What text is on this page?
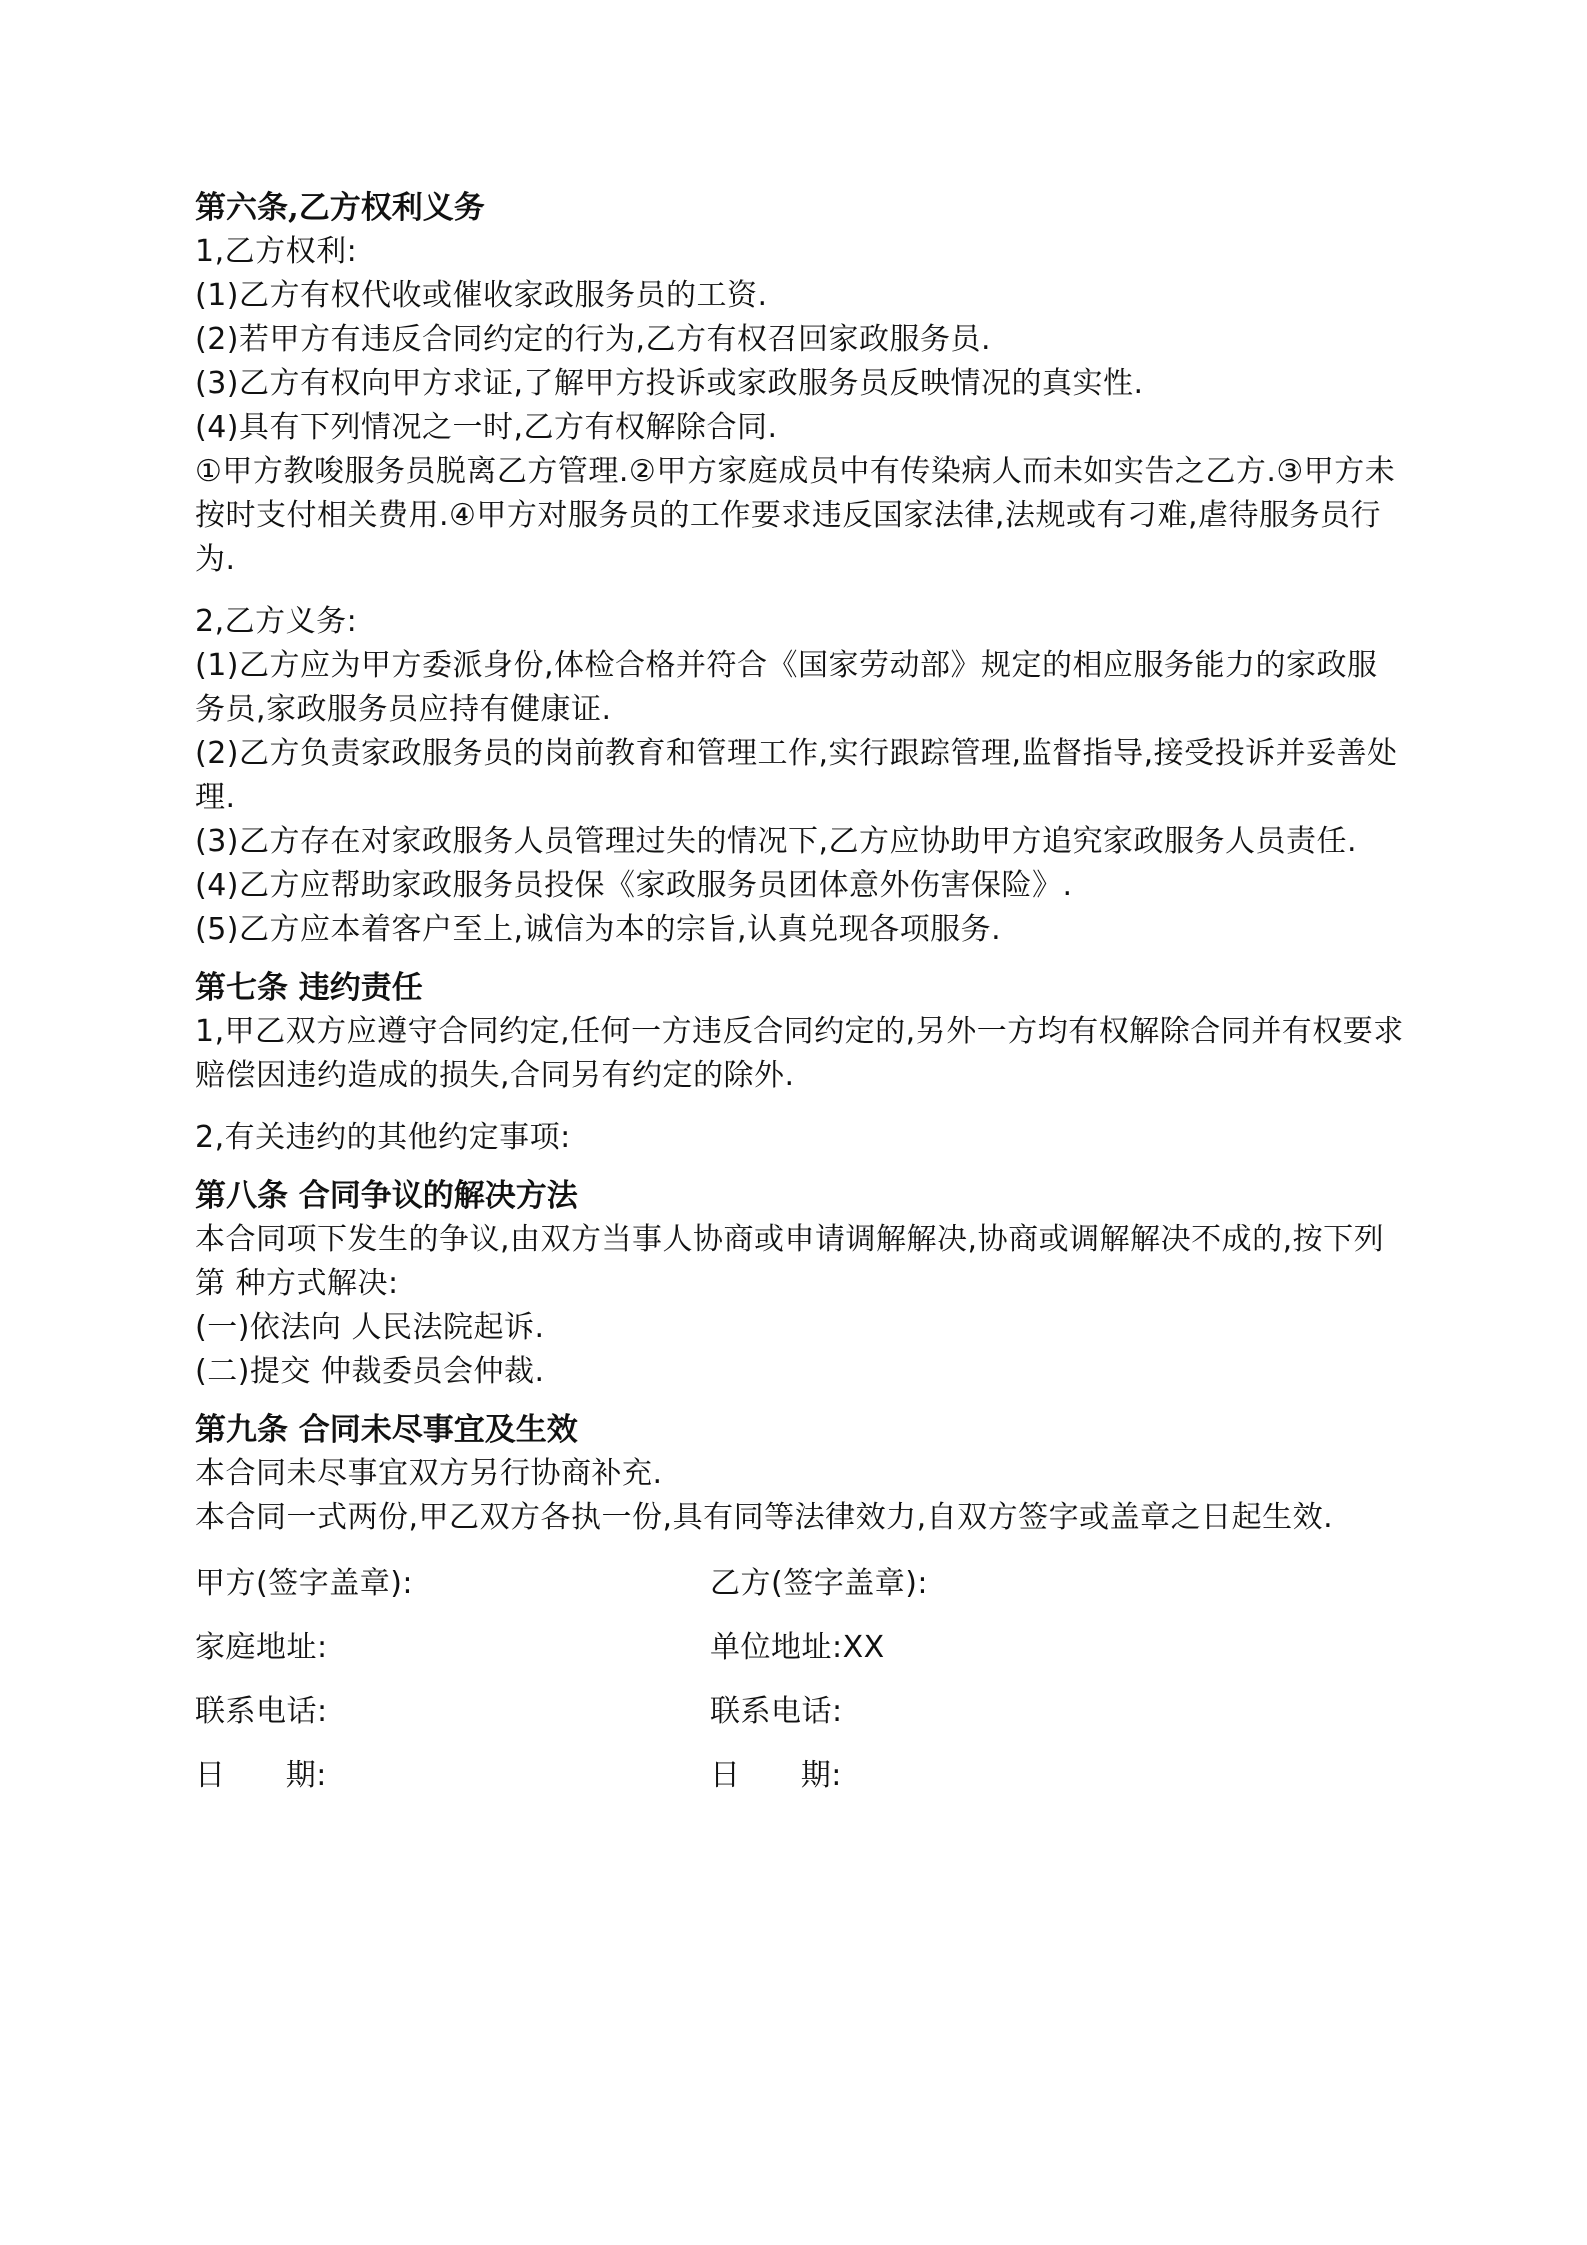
第六条,乙方权利义务

1,乙方权利:

(1)乙方有权代收或催收家政服务员的工资.

(2)若甲方有违反合同约定的行为,乙方有权召回家政服务员.

(3)乙方有权向甲方求证,了解甲方投诉或家政服务员反映情况的真实性.

(4)具有下列情况之一时,乙方有权解除合同.

①甲方教唆服务员脱离乙方管理.②甲方家庭成员中有传染病人而未如实告之乙方.③甲方未按时支付相关费用.④甲方对服务员的工作要求违反国家法律,法规或有刁难,虐待服务员行为.

2,乙方义务:

(1)乙方应为甲方委派身份,体检合格并符合《国家劳动部》规定的相应服务能力的家政服务员,家政服务员应持有健康证.

(2)乙方负责家政服务员的岗前教育和管理工作,实行跟踪管理,监督指导,接受投诉并妥善处理.

(3)乙方存在对家政服务人员管理过失的情况下,乙方应协助甲方追究家政服务人员责任.

(4)乙方应帮助家政服务员投保《家政服务员团体意外伤害保险》.

(5)乙方应本着客户至上,诚信为本的宗旨,认真兑现各项服务.

第七条 违约责任

1,甲乙双方应遵守合同约定,任何一方违反合同约定的,另外一方均有权解除合同并有权要求赔偿因违约造成的损失,合同另有约定的除外.

2,有关违约的其他约定事项:

第八条 合同争议的解决方法

本合同项下发生的争议,由双方当事人协商或申请调解解决,协商或调解解决不成的,按下列第 种方式解决:

(一)依法向 人民法院起诉.

(二)提交 仲裁委员会仲裁.

第九条 合同未尽事宜及生效

本合同未尽事宜双方另行协商补充.

本合同一式两份,甲乙双方各执一份,具有同等法律效力,自双方签字或盖章之日起生效.

甲方(签字盖章):	乙方(签字盖章):
家庭地址:	单位地址:XX
联系电话:	联系电话:
日      期:	日      期:
